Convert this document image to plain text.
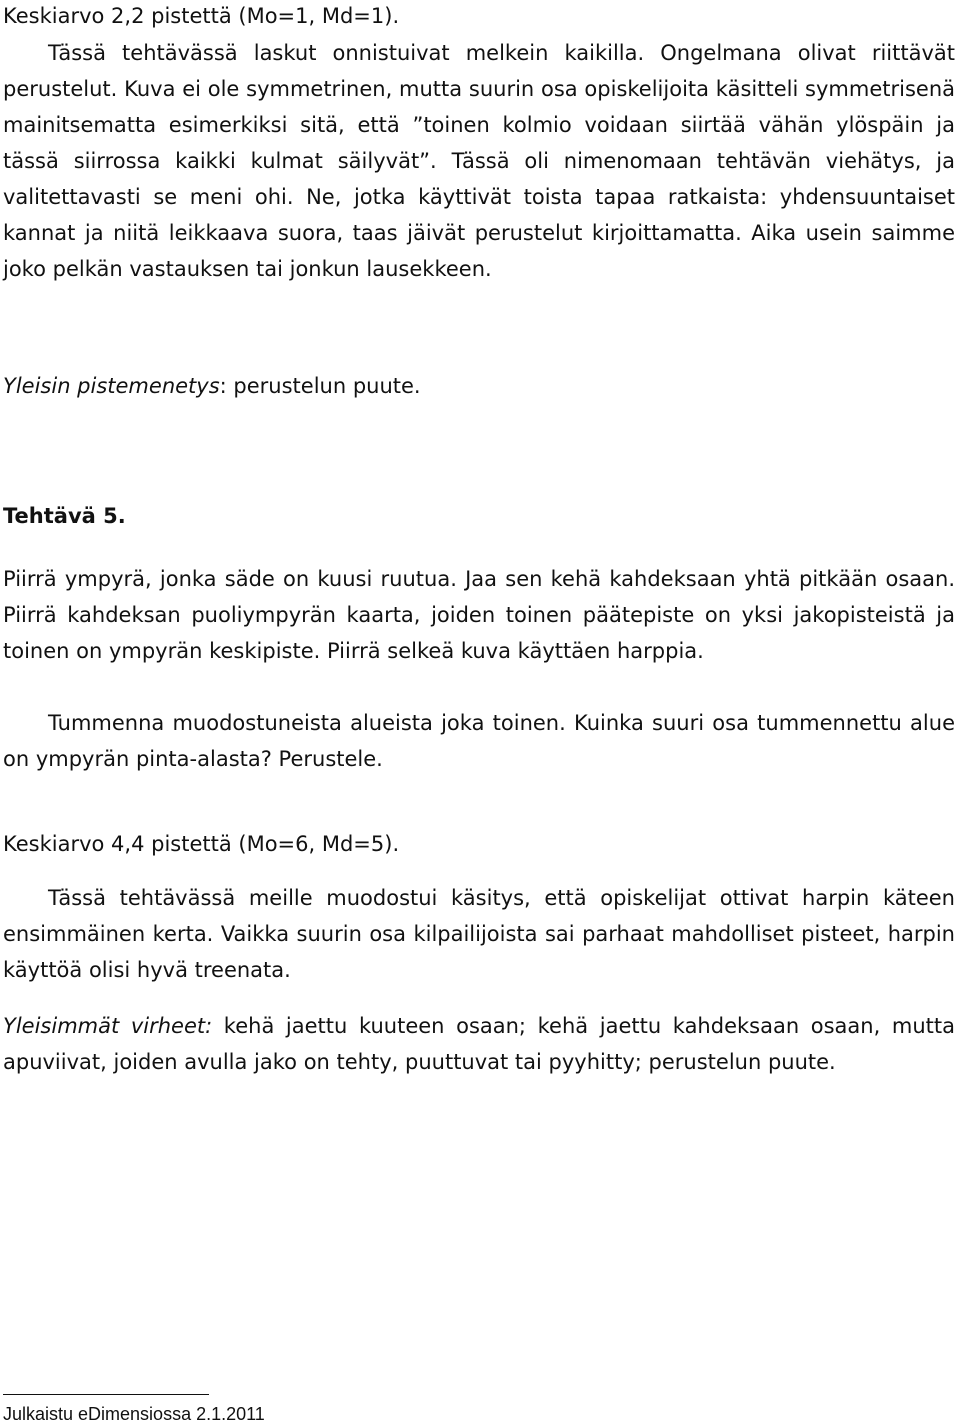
Keskiarvo 2,2 pistettä (Mo=1, Md=1).

Tässä tehtävässä laskut onnistuivat melkein kaikilla. Ongelmana olivat riittävät perustelut. Kuva ei ole symmetrinen, mutta suurin osa opiskelijoita käsitteli symmetrisenä mainitsematta esimerkiksi sitä, että ”toinen kolmio voidaan siirtää vähän ylöspäin ja tässä siirrossa kaikki kulmat säilyvät”. Tässä oli nimenomaan tehtävän viehätys, ja valitettavasti se meni ohi. Ne, jotka käyttivät toista tapaa ratkaista: yhdensuuntaiset kannat ja niitä leikkaava suora, taas jäivät perustelut kirjoittamatta. Aika usein saimme joko pelkän vastauksen tai jonkun lausekkeen.

Yleisin pistemenetys: perustelun puute.
Tehtävä 5.

Piirrä ympyrä, jonka säde on kuusi ruutua. Jaa sen kehä kahdeksaan yhtä pitkään osaan. Piirrä kahdeksan puoliympyrän kaarta, joiden toinen päätepiste on yksi jakopisteistä ja toinen on ympyrän keskipiste. Piirrä selkeä kuva käyttäen harppia.

Tummenna muodostuneista alueista joka toinen. Kuinka suuri osa tummennettu alue on ympyrän pinta-alasta? Perustele.

Keskiarvo 4,4 pistettä (Mo=6, Md=5).

Tässä tehtävässä meille muodostui käsitys, että opiskelijat ottivat harpin käteen ensimmäinen kerta. Vaikka suurin osa kilpailijoista sai parhaat mahdolliset pisteet, harpin käyttöä olisi hyvä treenata.

Yleisimmät virheet: kehä jaettu kuuteen osaan; kehä jaettu kahdeksaan osaan, mutta apuviivat, joiden avulla jako on tehty, puuttuvat tai pyyhitty; perustelun puute.

Julkaistu eDimensiossa 2.1.2011
